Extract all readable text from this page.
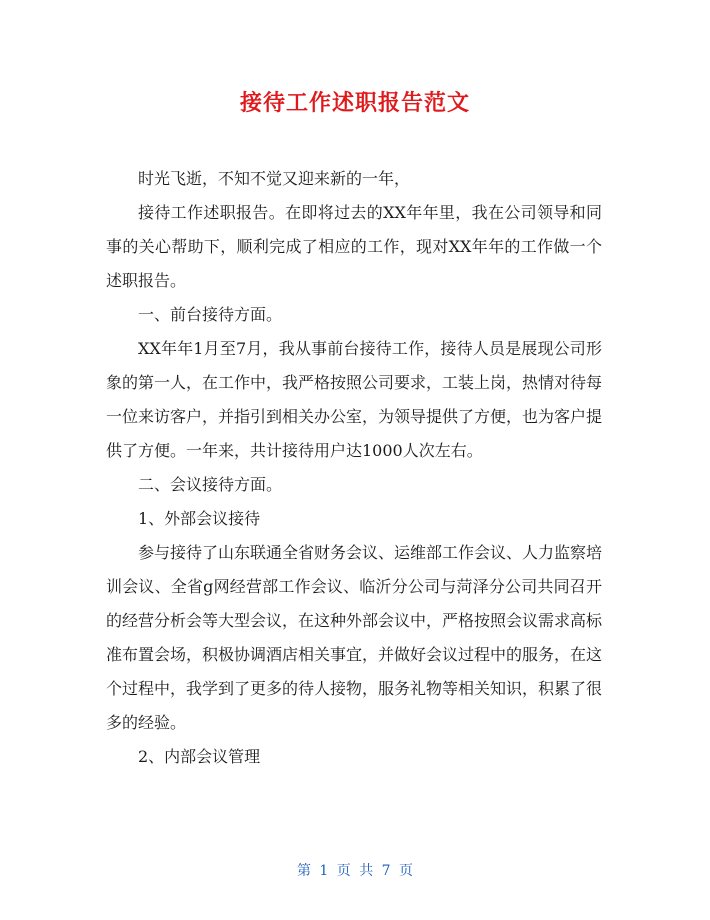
接待工作述职报告范文

时光飞逝，不知不觉又迎来新的一年，

接待工作述职报告。在即将过去的XX年年里，我在公司领导和同事的关心帮助下，顺利完成了相应的工作，现对XX年年的工作做一个述职报告。

一、前台接待方面。

XX年年1月至7月，我从事前台接待工作，接待人员是展现公司形象的第一人，在工作中，我严格按照公司要求，工装上岗，热情对待每一位来访客户，并指引到相关办公室，为领导提供了方便，也为客户提供了方便。一年来，共计接待用户达1000人次左右。

二、会议接待方面。

1、外部会议接待

参与接待了山东联通全省财务会议、运维部工作会议、人力监察培训会议、全省g网经营部工作会议、临沂分公司与菏泽分公司共同召开的经营分析会等大型会议，在这种外部会议中，严格按照会议需求高标准布置会场，积极协调酒店相关事宜，并做好会议过程中的服务，在这个过程中，我学到了更多的待人接物，服务礼物等相关知识，积累了很多的经验。

2、内部会议管理

第 1 页 共 7 页
